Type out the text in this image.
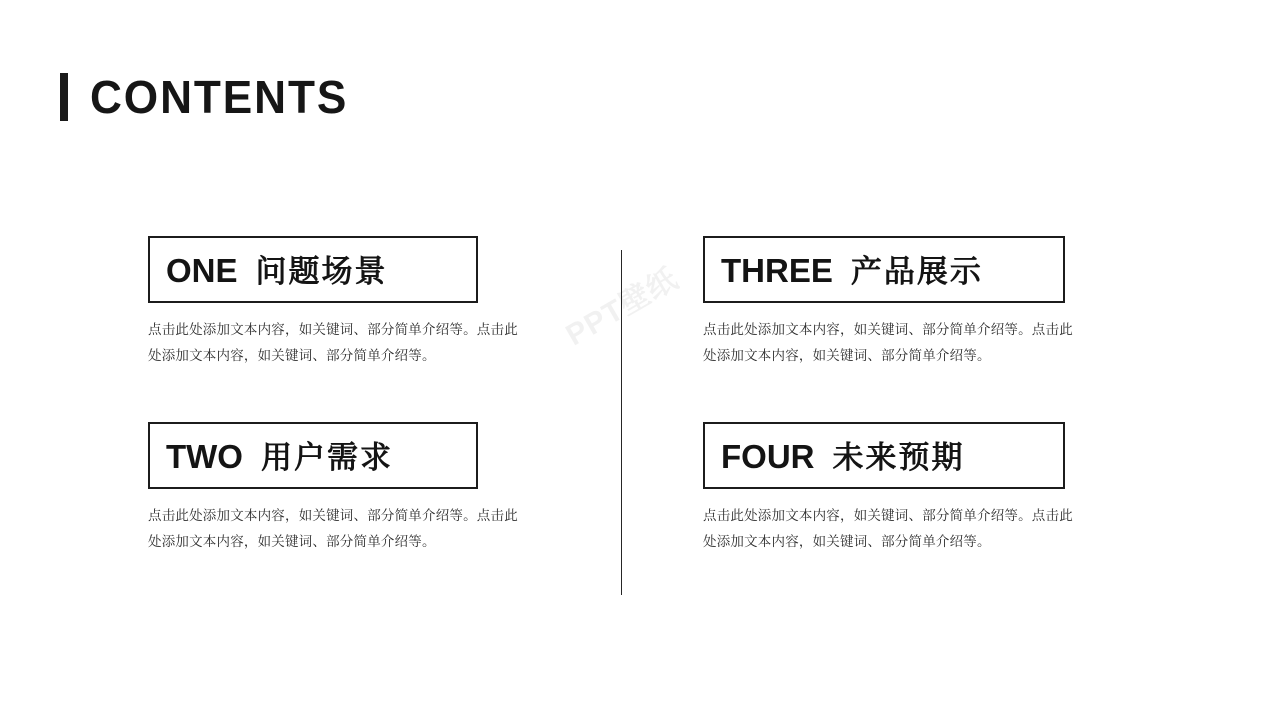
CONTENTS
PPT壁纸
ONE 问题场景
点击此处添加文本内容，如关键词、部分简单介绍等。点击此处添加文本内容，如关键词、部分简单介绍等。
TWO 用户需求
点击此处添加文本内容，如关键词、部分简单介绍等。点击此处添加文本内容，如关键词、部分简单介绍等。
THREE 产品展示
点击此处添加文本内容，如关键词、部分简单介绍等。点击此处添加文本内容，如关键词、部分简单介绍等。
FOUR 未来预期
点击此处添加文本内容，如关键词、部分简单介绍等。点击此处添加文本内容，如关键词、部分简单介绍等。
